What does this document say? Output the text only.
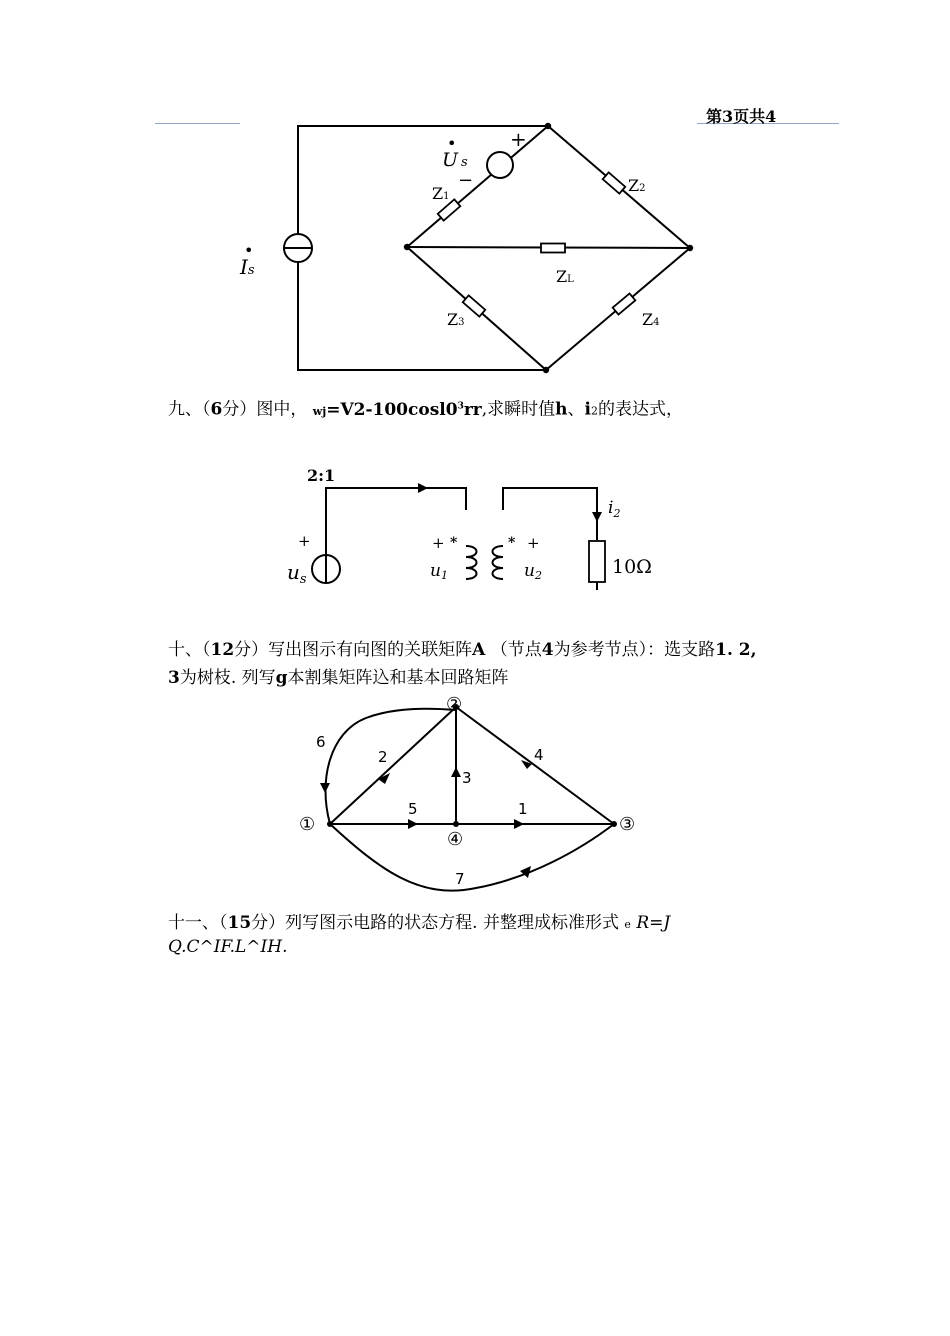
第3页共4
Is
•
U s
•	+
−
Z1
Z2
ZL
Z3	Z4
九、（6分）图中， $wj=V2-100\cos l0^3rr$,求瞬时值h、i2的表达式，
2:1
+
$u_s$
+ *
u1
* +
u2
$i_2$
10Ω
十、（12分）写出图示有向图的关联矩阵A （节点4为参考节点）：选支路1. 2,
3为树枝. 列写g本割集矩阵込和基本回路矩阵
①
②
③
④
1
2
3
4
5
6
7
十一、（15分）列写图示电路的状态方程. 并整理成标准形式 e R=J
Q.C^IF.L^IH.
